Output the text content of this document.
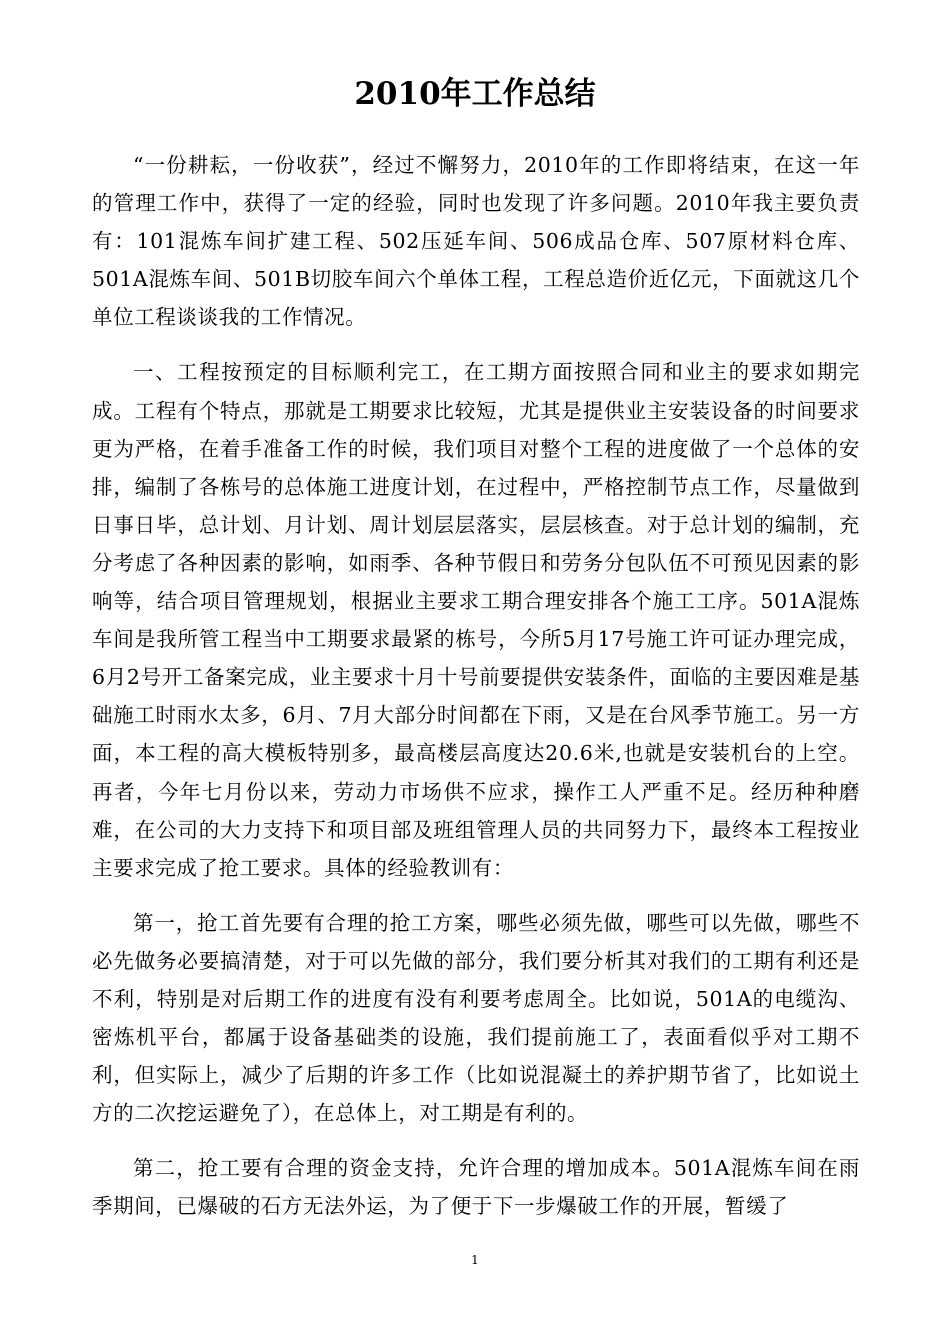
2010年工作总结

“一份耕耘，一份收获”，经过不懈努力，2010年的工作即将结束，在这一年的管理工作中，获得了一定的经验，同时也发现了许多问题。2010年我主要负责有：101混炼车间扩建工程、502压延车间、506成品仓库、507原材料仓库、501A混炼车间、501B切胶车间六个单体工程，工程总造价近亿元，下面就这几个单位工程谈谈我的工作情况。

一、工程按预定的目标顺利完工，在工期方面按照合同和业主的要求如期完成。工程有个特点，那就是工期要求比较短，尤其是提供业主安装设备的时间要求更为严格，在着手准备工作的时候，我们项目对整个工程的进度做了一个总体的安排，编制了各栋号的总体施工进度计划，在过程中，严格控制节点工作，尽量做到日事日毕，总计划、月计划、周计划层层落实，层层核查。对于总计划的编制，充分考虑了各种因素的影响，如雨季、各种节假日和劳务分包队伍不可预见因素的影响等，结合项目管理规划，根据业主要求工期合理安排各个施工工序。501A混炼车间是我所管工程当中工期要求最紧的栋号，今所5月17号施工许可证办理完成，6月2号开工备案完成，业主要求十月十号前要提供安装条件，面临的主要因难是基础施工时雨水太多，6月、7月大部分时间都在下雨，又是在台风季节施工。另一方面，本工程的高大模板特别多，最高楼层高度达20.6米,也就是安装机台的上空。再者，今年七月份以来，劳动力市场供不应求，操作工人严重不足。经历种种磨难，在公司的大力支持下和项目部及班组管理人员的共同努力下，最终本工程按业主要求完成了抢工要求。具体的经验教训有：

第一，抢工首先要有合理的抢工方案，哪些必须先做，哪些可以先做，哪些不必先做务必要搞清楚，对于可以先做的部分，我们要分析其对我们的工期有利还是不利，特别是对后期工作的进度有没有利要考虑周全。比如说，501A的电缆沟、密炼机平台，都属于设备基础类的设施，我们提前施工了，表面看似乎对工期不利，但实际上，减少了后期的许多工作（比如说混凝土的养护期节省了，比如说土方的二次挖运避免了），在总体上，对工期是有利的。

第二，抢工要有合理的资金支持，允许合理的增加成本。501A混炼车间在雨季期间，已爆破的石方无法外运，为了便于下一步爆破工作的开展，暂缓了

1
